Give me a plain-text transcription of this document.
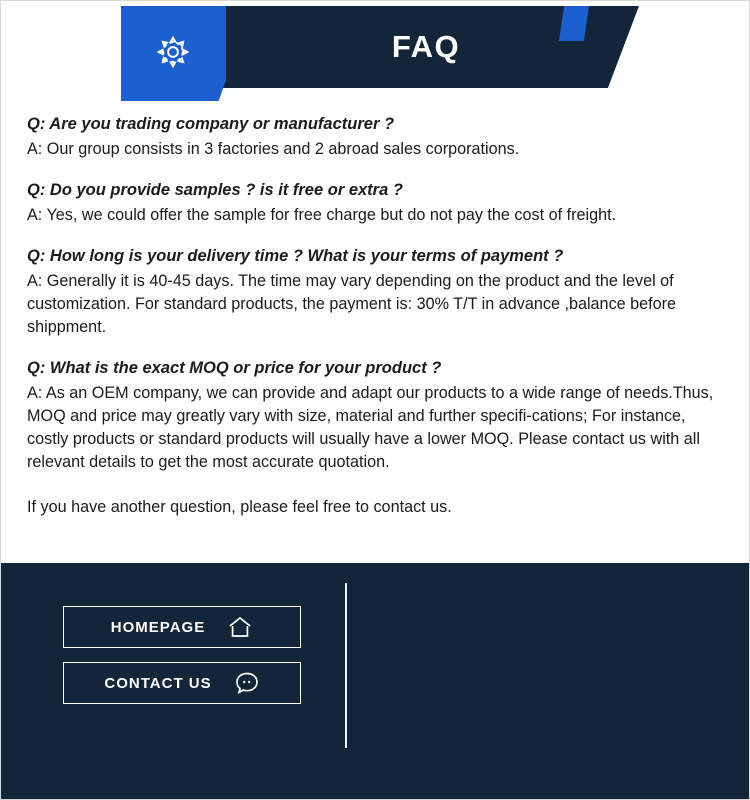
FAQ

Q: Are you trading company or manufacturer ?

A: Our group consists in 3 factories and 2 abroad sales corporations.

Q: Do you provide samples ? is it free or extra ?

A: Yes, we could offer the sample for free charge but do not pay the cost of freight.

Q: How long is your delivery time ? What is your terms of payment ?

A: Generally it is 40-45 days. The time may vary depending on the product and the level of customization. For standard products, the payment is: 30% T/T in advance ,balance before shippment.

Q: What is the exact MOQ or price for your product ?

A: As an OEM company, we can provide and adapt our products to a wide range of needs.Thus, MOQ and price may greatly vary with size, material and further specifi-cations; For instance, costly products or standard products will usually have a lower MOQ. Please contact us with all relevant details to get the most accurate quotation.

If you have another question, please feel free to contact us.
HOMEPAGE
CONTACT US
